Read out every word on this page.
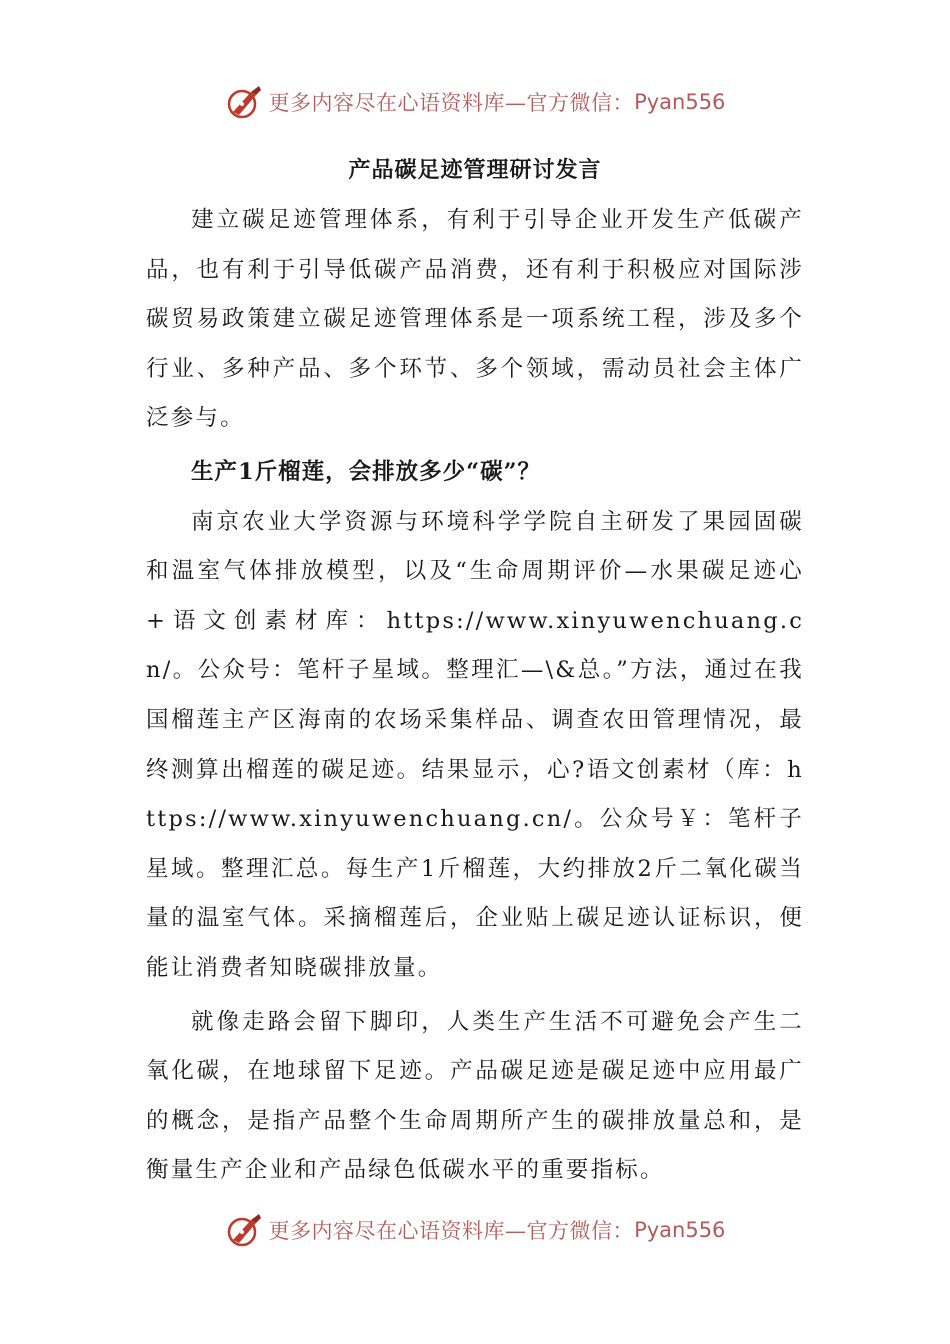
更多内容尽在心语资料库—官方微信： Pyan556
产品碳足迹管理研讨发言

建立碳足迹管理体系，有利于引导企业开发生产低碳产品，也有利于引导低碳产品消费，还有利于积极应对国际涉碳贸易政策建立碳足迹管理体系是一项系统工程，涉及多个行业、多种产品、多个环节、多个领域，需动员社会主体广泛参与。

生产1斤榴莲，会排放多少“碳”？

南京农业大学资源与环境科学学院自主研发了果园固碳和温室气体排放模型，以及“生命周期评价—水果碳足迹心+语文创素材库：https://www.xinyuwenchuang.cn/。公众号：笔杆子星域。整理汇—\&总。”方法，通过在我国榴莲主产区海南的农场采集样品、调查农田管理情况，最终测算出榴莲的碳足迹。结果显示，心?语文创素材（库：https://www.xinyuwenchuang.cn/。公众号￥：笔杆子星域。整理汇总。每生产1斤榴莲，大约排放2斤二氧化碳当量的温室气体。采摘榴莲后，企业贴上碳足迹认证标识，便能让消费者知晓碳排放量。

就像走路会留下脚印，人类生产生活不可避免会产生二氧化碳，在地球留下足迹。产品碳足迹是碳足迹中应用最广的概念，是指产品整个生命周期所产生的碳排放量总和，是衡量生产企业和产品绿色低碳水平的重要指标。

更多内容尽在心语资料库—官方微信： Pyan556
